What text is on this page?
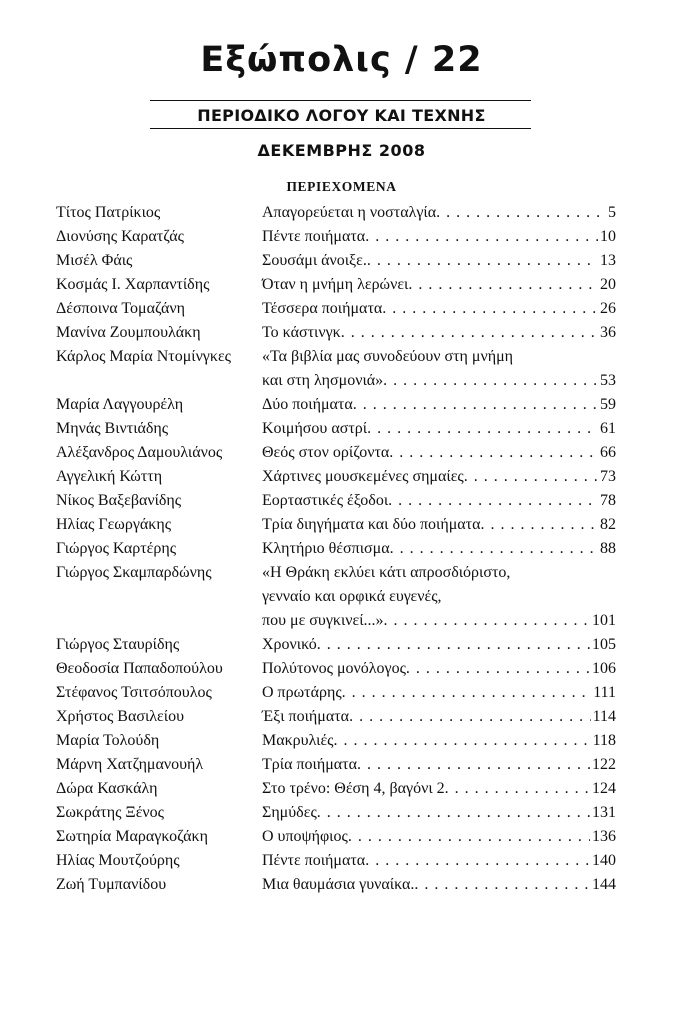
Εξώπολις / 22
ΠΕΡΙΟΔΙΚΟ ΛΟΓΟΥ ΚΑΙ ΤΕΧΝΗΣ
ΔΕΚΕΜΒΡΗΣ 2008
ΠΕΡΙΕΧΟΜΕΝΑ
Τίτος Πατρίκιος	Απαγορεύεται η νοσταλγία . . .	5
Διονύσης Καρατζάς	Πέντε ποιήματα . . .	10
Μισέλ Φάις	Σουσάμι άνοιξε. . . .	13
Κοσμάς Ι. Χαρπαντίδης	Όταν η μνήμη λερώνει . . .	20
Δέσποινα Τομαζάνη	Τέσσερα ποιήματα . . .	26
Μανίνα Ζουμπουλάκη	Το κάστινγκ . . .	36
Κάρλος Μαρία Ντομίνγκες	«Τα βιβλία μας συνοδεύουν στη μνήμη
και στη λησμονιά» . . .	53
Μαρία Λαγγουρέλη	Δύο ποιήματα . . .	59
Μηνάς Βιντιάδης	Κοιμήσου αστρί . . .	61
Αλέξανδρος Δαμουλιάνος	Θεός στον ορίζοντα . . .	66
Αγγελική Κώττη	Χάρτινες μουσκεμένες σημαίες . . .	73
Νίκος Βαξεβανίδης	Εορταστικές έξοδοι . . .	78
Ηλίας Γεωργάκης	Τρία διηγήματα και δύο ποιήματα . . .	82
Γιώργος Καρτέρης	Κλητήριο θέσπισμα . . .	88
Γιώργος Σκαμπαρδώνης	«Η Θράκη εκλύει κάτι απροσδιόριστο,
γενναίο και ορφικά ευγενές,
που με συγκινεί...» . . .	101
Γιώργος Σταυρίδης	Χρονικό . . .	105
Θεοδοσία Παπαδοπούλου	Πολύτονος μονόλογος . . .	106
Στέφανος Τσιτσόπουλος	Ο πρωτάρης . . .	111
Χρήστος Βασιλείου	Έξι ποιήματα . . .	114
Μαρία Τολούδη	Μακρυλιές . . .	118
Μάρνη Χατζημανουήλ	Τρία ποιήματα . . .	122
Δώρα Κασκάλη	Στο τρένο: Θέση 4, βαγόνι 2 . . .	124
Σωκράτης Ξένος	Σημύδες . . .	131
Σωτηρία Μαραγκοζάκη	Ο υποψήφιος . . .	136
Ηλίας Μουτζούρης	Πέντε ποιήματα . . .	140
Ζωή Τυμπανίδου	Μια θαυμάσια γυναίκα. . . .	144
